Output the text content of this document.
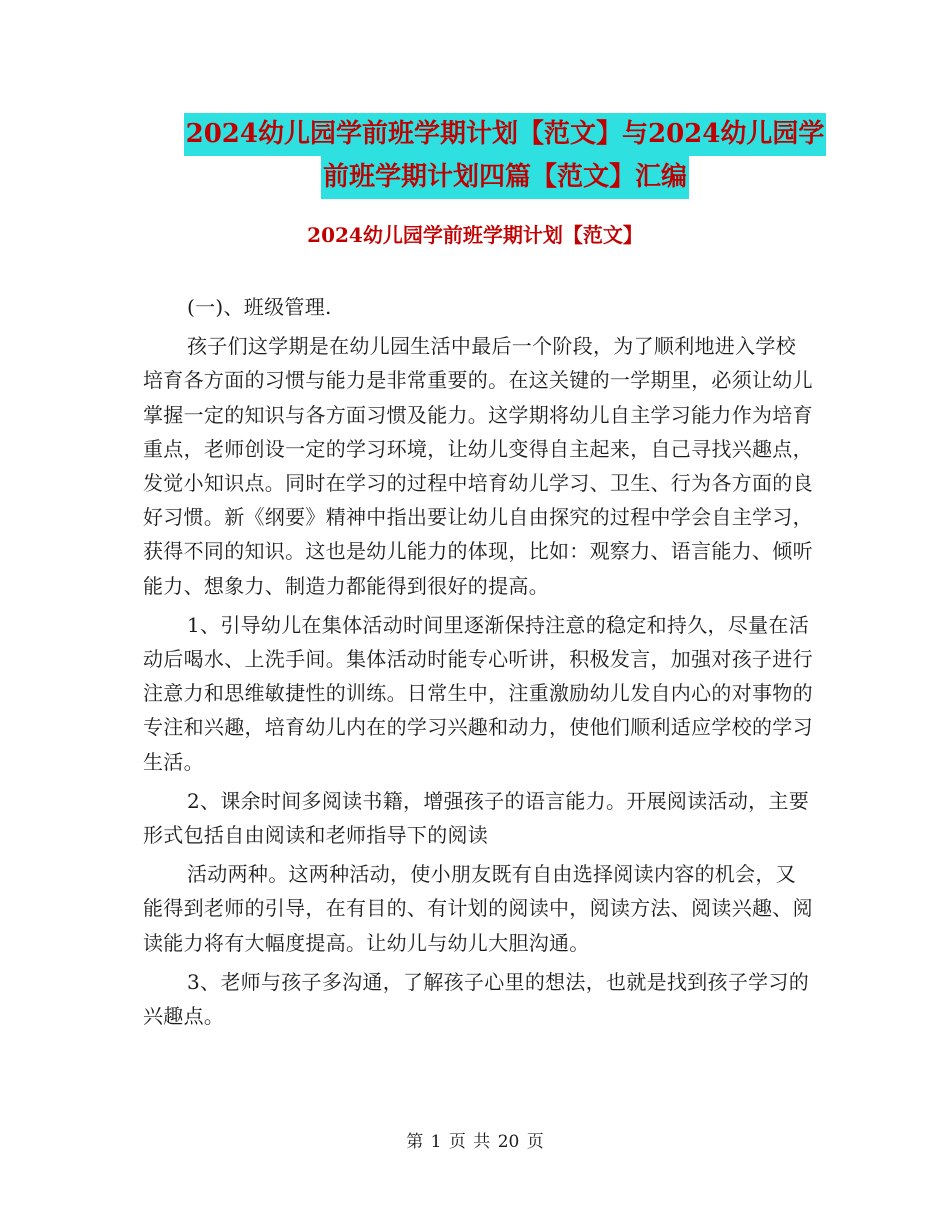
2024幼儿园学前班学期计划【范文】与2024幼儿园学
前班学期计划四篇【范文】汇编
2024幼儿园学前班学期计划【范文】

(一)、班级管理.

孩子们这学期是在幼儿园生活中最后一个阶段，为了顺利地进入学校培育各方面的习惯与能力是非常重要的。在这关键的一学期里，必须让幼儿掌握一定的知识与各方面习惯及能力。这学期将幼儿自主学习能力作为培育重点，老师创设一定的学习环境，让幼儿变得自主起来，自己寻找兴趣点，发觉小知识点。同时在学习的过程中培育幼儿学习、卫生、行为各方面的良好习惯。新《纲要》精神中指出要让幼儿自由探究的过程中学会自主学习，获得不同的知识。这也是幼儿能力的体现，比如：观察力、语言能力、倾听能力、想象力、制造力都能得到很好的提高。

1、引导幼儿在集体活动时间里逐渐保持注意的稳定和持久，尽量在活动后喝水、上洗手间。集体活动时能专心听讲，积极发言，加强对孩子进行注意力和思维敏捷性的训练。日常生中，注重激励幼儿发自内心的对事物的专注和兴趣，培育幼儿内在的学习兴趣和动力，使他们顺利适应学校的学习生活。

2、课余时间多阅读书籍，增强孩子的语言能力。开展阅读活动，主要形式包括自由阅读和老师指导下的阅读

活动两种。这两种活动，使小朋友既有自由选择阅读内容的机会，又能得到老师的引导，在有目的、有计划的阅读中，阅读方法、阅读兴趣、阅读能力将有大幅度提高。让幼儿与幼儿大胆沟通。

3、老师与孩子多沟通，了解孩子心里的想法，也就是找到孩子学习的兴趣点。

第 1 页 共 20 页
